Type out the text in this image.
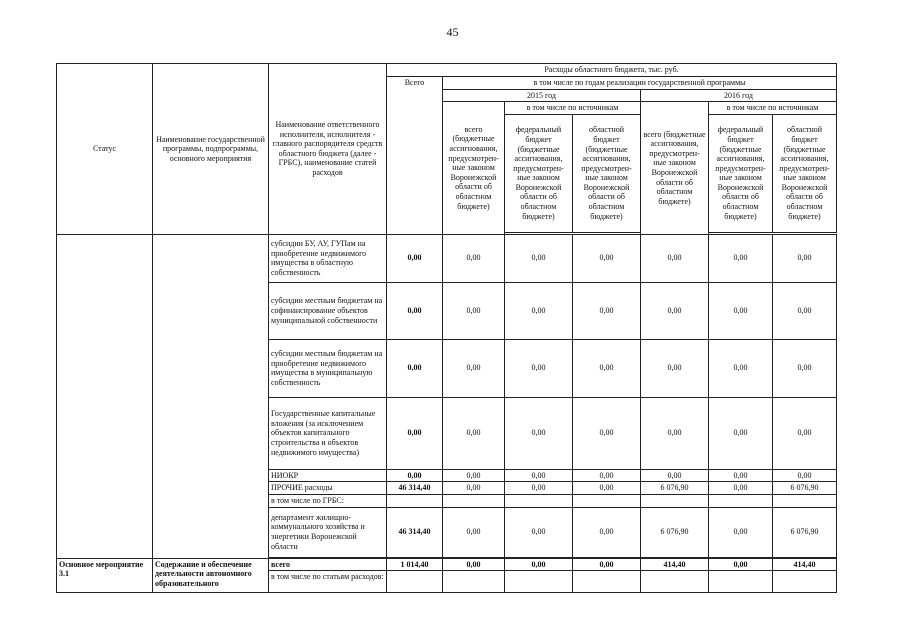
45
Статус	Наименование государственной программы, подпрограммы, основного мероприятия	Наименование ответственного исполнителя, исполнителя - главного распорядителя средств областного бюджета (далее - ГРБС), наименование статей расходов	Расходы областного бюджета, тыс. руб.						
			Всего	в том числе по годам реализации государственной программы					
				2015 год			2016 год		
				всего (бюджетные ассигнования, предусмотрен-ные законом Воронежской области об областном бюджете)	в том числе по источникам		всего (бюджетные ассигнования, предусмотрен-ные законом Воронежской области об областном бюджете)	в том числе по источникам	
					федеральный бюджет (бюджетные ассигнования, предусмотрен-ные законом Воронежской области об областном бюджете)	областной бюджет (бюджетные ассигнования, предусмотрен-ные законом Воронежской области об областном бюджете)		федеральный бюджет (бюджетные ассигнования, предусмотрен-ные законом Воронежской области об областном бюджете)	областной бюджет (бюджетные ассигнования, предусмотрен-ные законом Воронежской области об областном бюджете)

		субсидии БУ, АУ, ГУПам на приобретение недвижимого имущества в областную собственность	0,00	0,00	0,00	0,00	0,00	0,00	0,00
		субсидии местным бюджетам на софинансирование объектов муниципальной собственности	0,00	0,00	0,00	0,00	0,00	0,00	0,00
		субсидии местным бюджетам на приобретение недвижимого имущества в муниципальную собственность	0,00	0,00	0,00	0,00	0,00	0,00	0,00
		Государственные капитальные вложения (за исключением объектов капитального строительства и объектов недвижимого имущества)	0,00	0,00	0,00	0,00	0,00	0,00	0,00
		НИОКР	0,00	0,00	0,00	0,00	0,00	0,00	0,00
		ПРОЧИЕ расходы	46 314,40	0,00	0,00	0,00	6 076,90	0,00	6 076,90
		в том числе по ГРБС:							
		департамент жилищно-коммунального хозяйства и энергетики Воронежской области	46 314,40	0,00	0,00	0,00	6 076,90	0,00	6 076,90

Основное мероприятие 3.1	Содержание и обеспечение деятельности автономного образовательного	всего	1 014,40	0,00	0,00	0,00	414,40	0,00	414,40
		в том числе по статьям расходов:							
